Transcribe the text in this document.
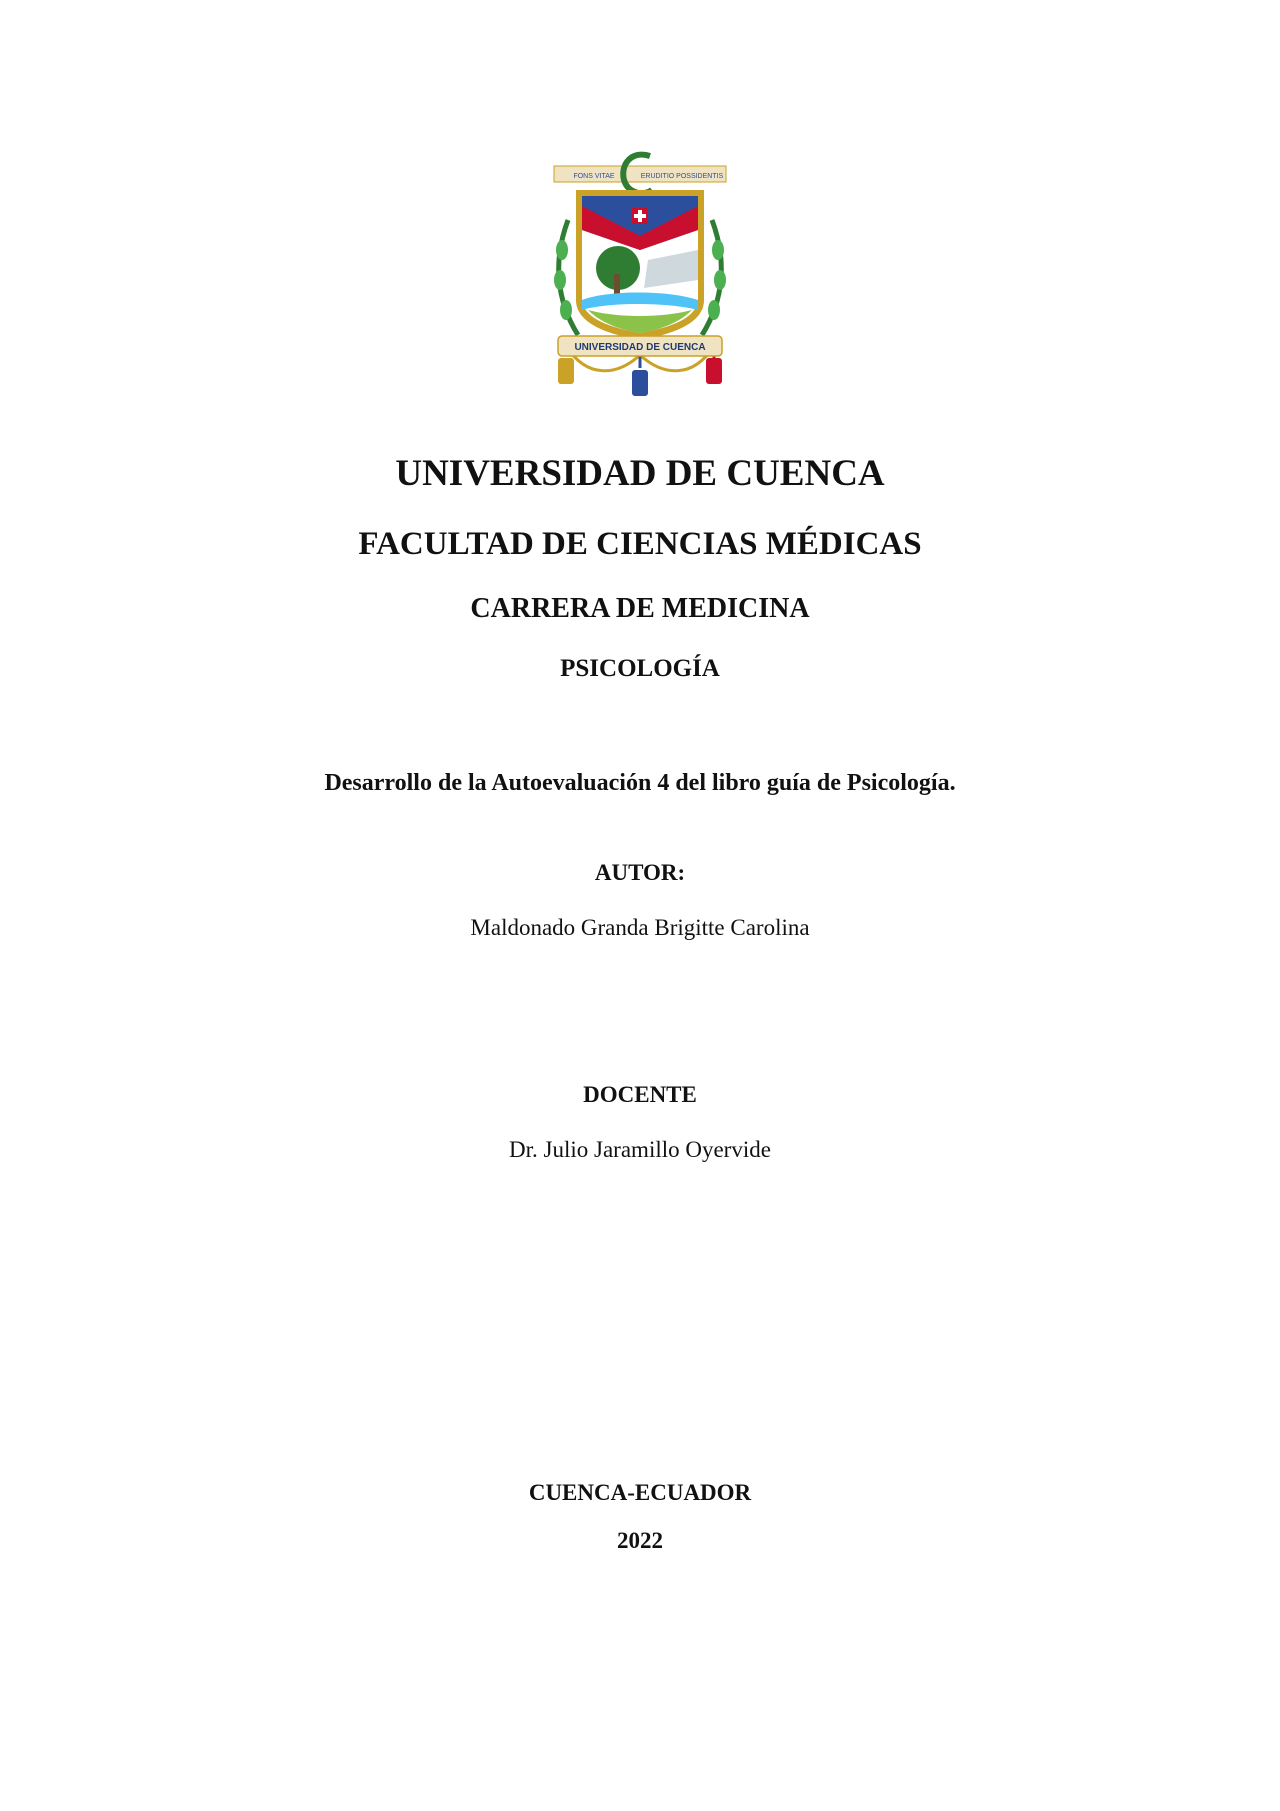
FONS VITAE	ERUDITIO POSSIDENTIS
UNIVERSIDAD DE CUENCA
UNIVERSIDAD DE CUENCA
FACULTAD DE CIENCIAS MÉDICAS
CARRERA DE MEDICINA
PSICOLOGÍA
Desarrollo de la Autoevaluación 4 del libro guía de Psicología.
AUTOR:
Maldonado Granda Brigitte Carolina
DOCENTE
Dr. Julio Jaramillo Oyervide
CUENCA-ECUADOR
2022
